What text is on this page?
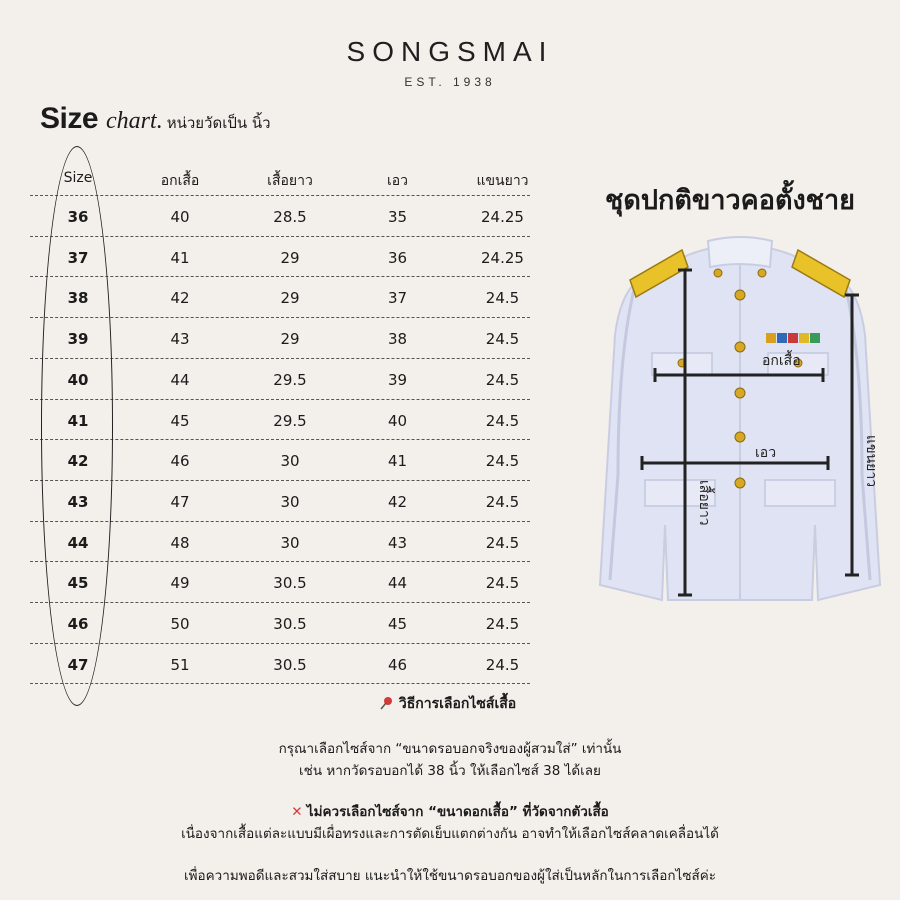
SONGSMAI
EST. 1938
Size chart. หน่วยวัดเป็น นิ้ว
Size	อกเสื้อ	เสื้อยาว	เอว	แขนยาว
36	40	28.5	35	24.25
37	41	29	36	24.25
38	42	29	37	24.5
39	43	29	38	24.5
40	44	29.5	39	24.5
41	45	29.5	40	24.5
42	46	30	41	24.5
43	47	30	42	24.5
44	48	30	43	24.5
45	49	30.5	44	24.5
46	50	30.5	45	24.5
47	51	30.5	46	24.5
ชุดปกติขาวคอตั้งชาย
อกเสื้อ
เอว
เสื้อยาว
แขนยาว
วิธีการเลือกไซส์เสื้อ
กรุณาเลือกไซส์จาก “ขนาดรอบอกจริงของผู้สวมใส่” เท่านั้น
เช่น หากวัดรอบอกได้ 38 นิ้ว ให้เลือกไซส์ 38 ได้เลย
✕ ไม่ควรเลือกไซส์จาก “ขนาดอกเสื้อ” ที่วัดจากตัวเสื้อ
เนื่องจากเสื้อแต่ละแบบมีเผื่อทรงและการตัดเย็บแตกต่างกัน อาจทำให้เลือกไซส์คลาดเคลื่อนได้
เพื่อความพอดีและสวมใส่สบาย แนะนำให้ใช้ขนาดรอบอกของผู้ใส่เป็นหลักในการเลือกไซส์ค่ะ
